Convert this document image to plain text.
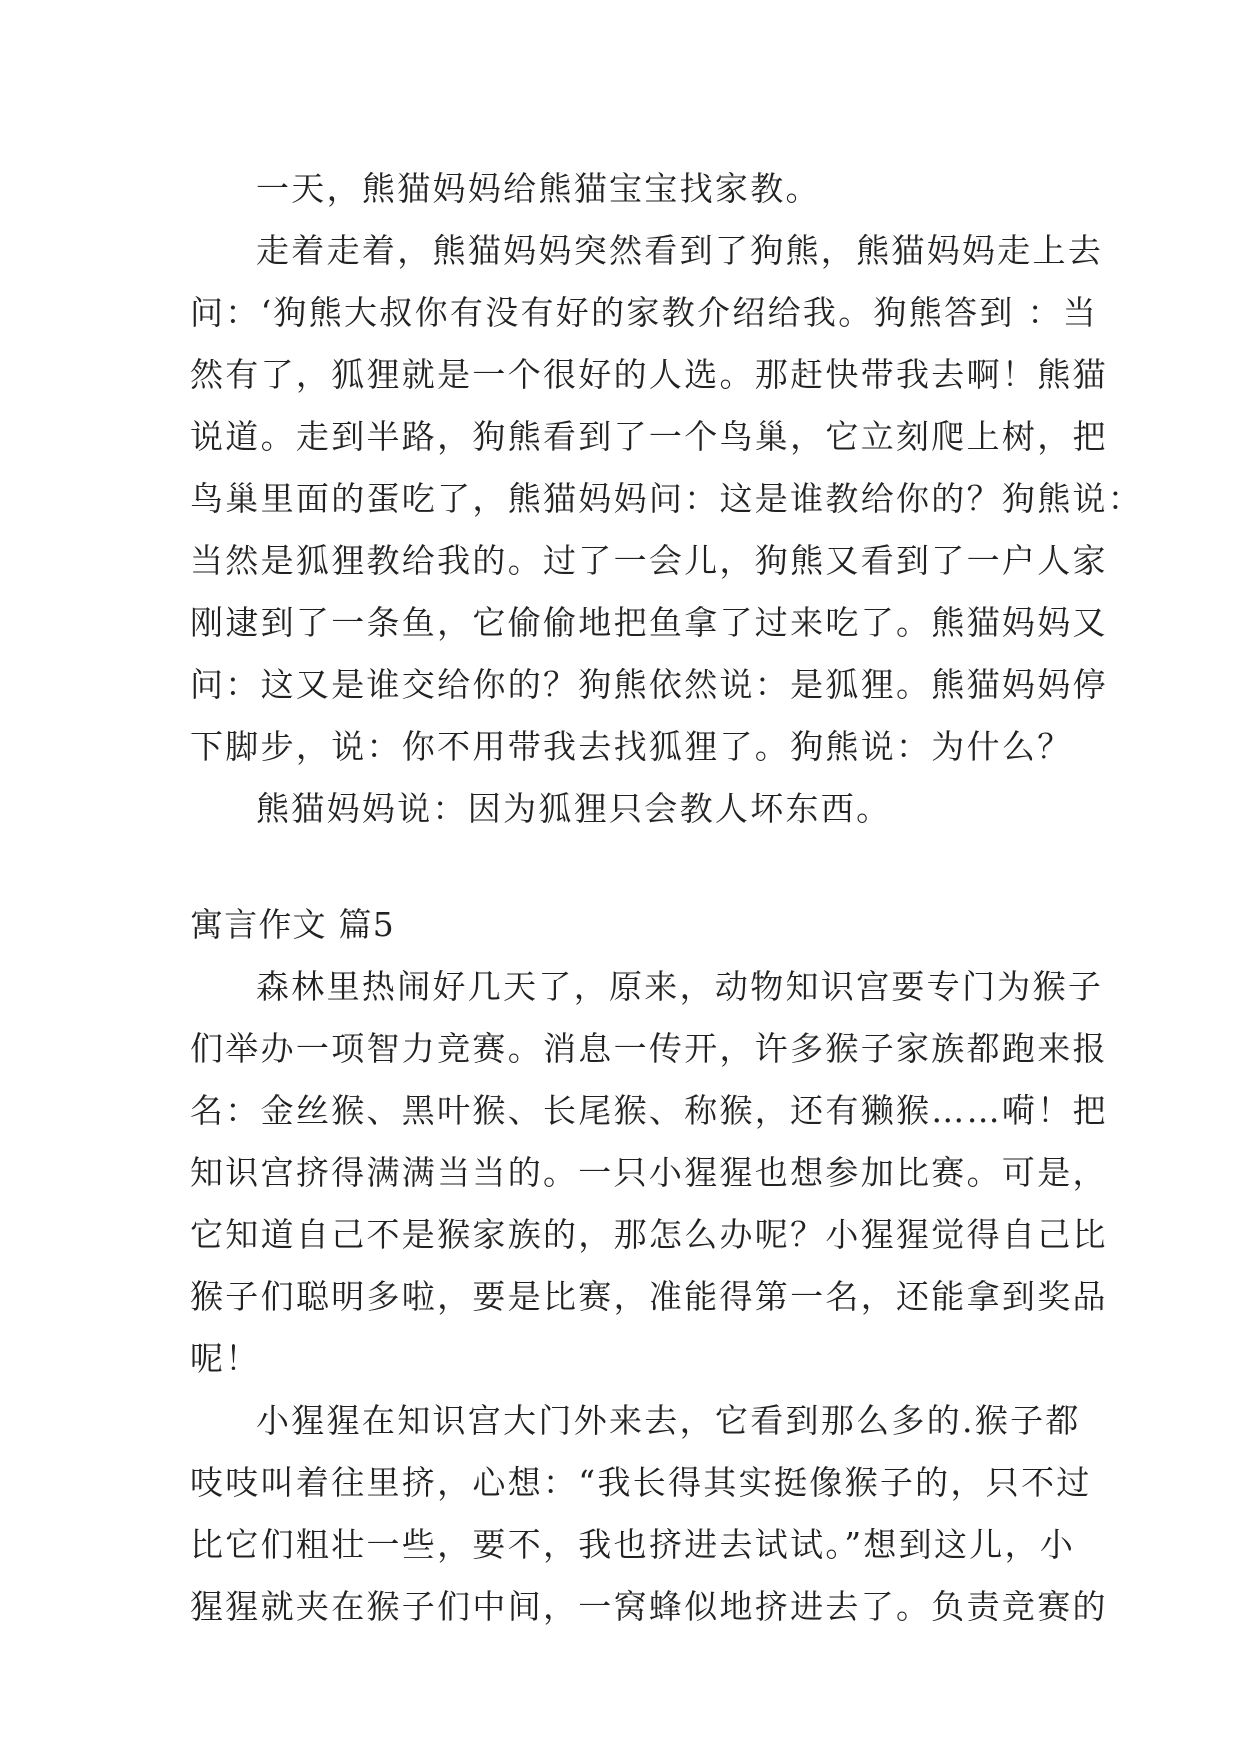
一天，熊猫妈妈给熊猫宝宝找家教。
走着走着，熊猫妈妈突然看到了狗熊，熊猫妈妈走上去
问：‘狗熊大叔你有没有好的家教介绍给我。狗熊答到 ：当
然有了，狐狸就是一个很好的人选。那赶快带我去啊！熊猫
说道。走到半路，狗熊看到了一个鸟巢，它立刻爬上树，把
鸟巢里面的蛋吃了，熊猫妈妈问：这是谁教给你的？狗熊说：
当然是狐狸教给我的。过了一会儿，狗熊又看到了一户人家
刚逮到了一条鱼，它偷偷地把鱼拿了过来吃了。熊猫妈妈又
问：这又是谁交给你的？狗熊依然说：是狐狸。熊猫妈妈停
下脚步，说：你不用带我去找狐狸了。狗熊说：为什么？
熊猫妈妈说：因为狐狸只会教人坏东西。
寓言作文 篇5
森林里热闹好几天了，原来，动物知识宫要专门为猴子
们举办一项智力竞赛。消息一传开，许多猴子家族都跑来报
名：金丝猴、黑叶猴、长尾猴、称猴，还有獭猴……嗬！把
知识宫挤得满满当当的。一只小猩猩也想参加比赛。可是，
它知道自己不是猴家族的，那怎么办呢？小猩猩觉得自己比
猴子们聪明多啦，要是比赛，准能得第一名，还能拿到奖品
呢！
小猩猩在知识宫大门外来去，它看到那么多的.猴子都
吱吱叫着往里挤，心想：“我长得其实挺像猴子的，只不过
比它们粗壮一些，要不，我也挤进去试试。”想到这儿，小
猩猩就夹在猴子们中间，一窝蜂似地挤进去了。负责竞赛的
